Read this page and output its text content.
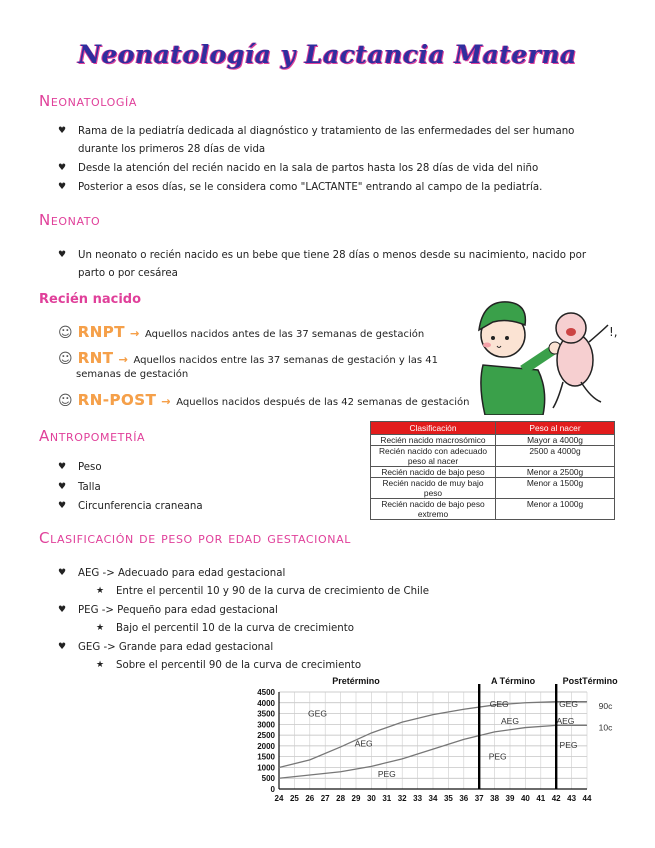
Neonatología y Lactancia Materna
Neonatología
♥ Rama de la pediatría dedicada al diagnóstico y tratamiento de las enfermedades del ser humano
durante los primeros 28 días de vida
♥ Desde la atención del recién nacido en la sala de partos hasta los 28 días de vida del niño
♥ Posterior a esos días, se le considera como "LACTANTE" entrando al campo de la pediatría.
Neonato
♥ Un neonato o recién nacido es un bebe que tiene 28 días o menos desde su nacimiento, nacido por
parto o por cesárea
Recién nacido
☺ RNPT → Aquellos nacidos antes de las 37 semanas de gestación
☺ RNT → Aquellos nacidos entre las 37 semanas de gestación y las 41
semanas de gestación
☺ RN-POST → Aquellos nacidos después de las 42 semanas de gestación
!,
Antropometría
♥ Peso
♥ Talla
♥ Circunferencia craneana
Clasificación	Peso al nacer
Recién nacido macrosómico	Mayor a 4000g
Recién nacido con adecuado peso al nacer	2500 a 4000g
Recién nacido de bajo peso	Menor a 2500g
Recién nacido de muy bajo peso	Menor a 1500g
Recién nacido de bajo peso extremo	Menor a 1000g
Clasificación de peso por edad gestacional
♥ AEG -> Adecuado para edad gestacional
★ Entre el percentil 10 y 90 de la curva de crecimiento de Chile
♥ PEG -> Pequeño para edad gestacional
★ Bajo el percentil 10 de la curva de crecimiento
♥ GEG -> Grande para edad gestacional
★ Sobre el percentil 90 de la curva de crecimiento
0
500
1000
1500
2000
2500
3000
3500
4000
4500
24 25 26 27 28 29 30 31 32 33 34 35 36 37 38 39 40 41 42 43 44
Pretérmino	A Término	PostTérmino
GEG
AEG
PEG
GEG
AEG
PEG
GEG
AEG
PEG
90c
10c
